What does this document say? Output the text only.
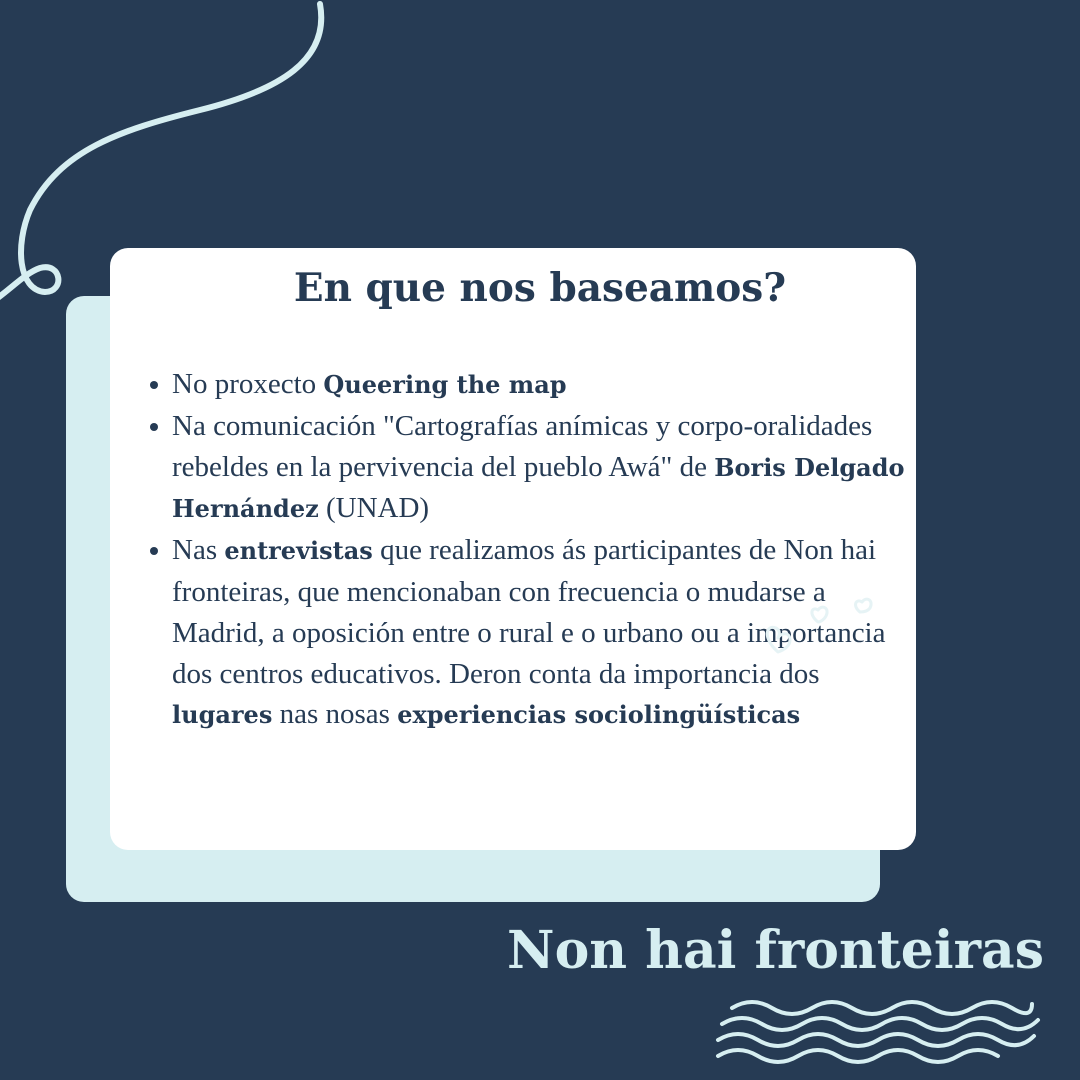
En que nos baseamos?
No proxecto Queering the map
Na comunicación "Cartografías anímicas y corpo-oralidades rebeldes en la pervivencia del pueblo Awá" de Boris Delgado Hernández (UNAD)
Nas entrevistas que realizamos ás participantes de Non hai fronteiras, que mencionaban con frecuencia o mudarse a Madrid, a oposición entre o rural e o urbano ou a importancia dos centros educativos. Deron conta da importancia dos lugares nas nosas experiencias sociolingüísticas
Non hai fronteiras
